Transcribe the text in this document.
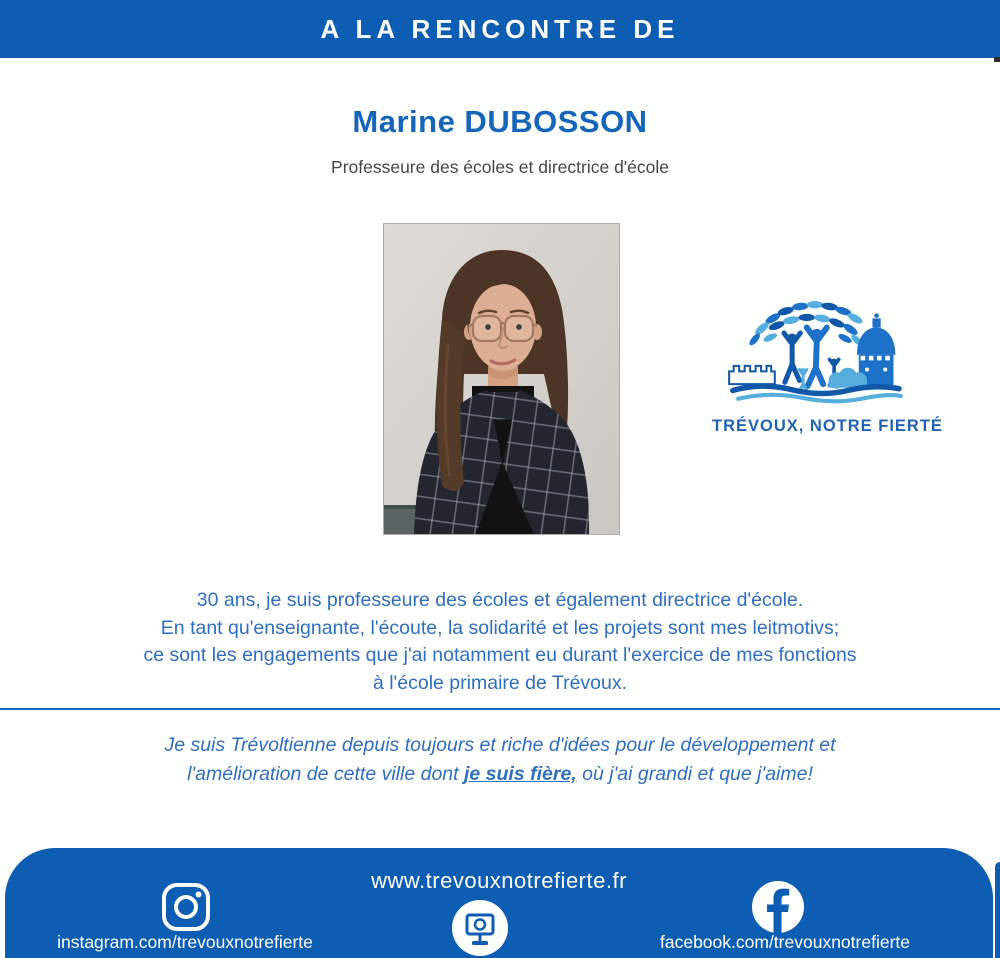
A LA RENCONTRE DE
Marine DUBOSSON
Professeure des écoles et directrice d'école
TRÉVOUX, NOTRE FIERTÉ
30 ans, je suis professeure des écoles et également directrice d'école.
En tant qu'enseignante, l'écoute, la solidarité et les projets sont mes leitmotivs;
ce sont les engagements que j'ai notamment eu durant l'exercice de mes fonctions
à l'école primaire de Trévoux.
Je suis Trévoltienne depuis toujours et riche d'idées pour le développement et
l'amélioration de cette ville dont je suis fière, où j'ai grandi et que j'aime!
www.trevouxnotrefierte.fr
instagram.com/trevouxnotrefierte	facebook.com/trevouxnotrefierte
